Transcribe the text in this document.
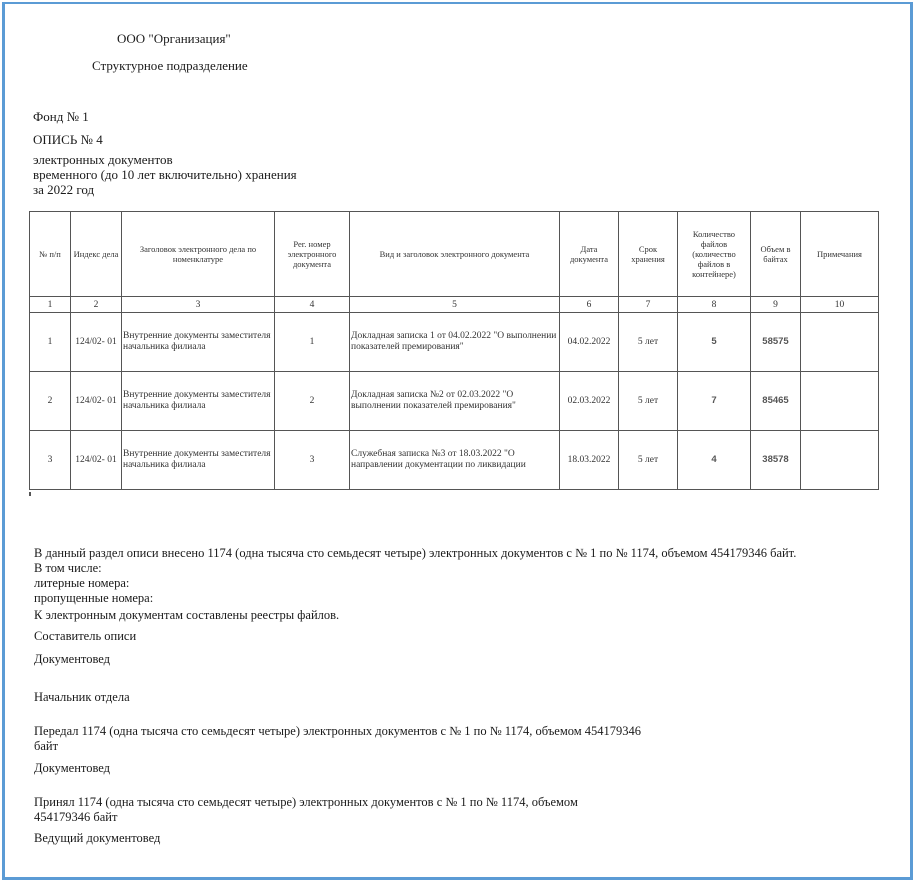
ООО "Организация"
Структурное подразделение
Фонд № 1
ОПИСЬ № 4
электронных документов
временного (до 10 лет включительно) хранения
за 2022 год
№ п/п	Индекс дела	Заголовок электронного дела по номенклатуре	Рег. номер электронного документа	Вид и заголовок электронного документа	Дата документа	Срок хранения	Количество файлов (количество файлов в контейнере)	Объем в байтах	Примечания
1	2	3	4	5	6	7	8	9	10
1	124/02- 01	Внутренние документы заместителя начальника филиала	1	Докладная записка 1 от 04.02.2022 "О выполнении показателей премирования"	04.02.2022	5 лет	5	58575	
2	124/02- 01	Внутренние документы заместителя начальника филиала	2	Докладная записка №2 от 02.03.2022 "О выполнении показателей премирования"	02.03.2022	5 лет	7	85465	
3	124/02- 01	Внутренние документы заместителя начальника филиала	3	Служебная записка №3 от 18.03.2022 "О направлении документации по ликвидации	18.03.2022	5 лет	4	38578	
В данный раздел описи внесено 1174 (одна тысяча сто семьдесят четыре) электронных документов с № 1 по № 1174, объемом 454179346 байт.
В том числе:
литерные номера:
пропущенные номера:
К электронным документам составлены реестры файлов.
Составитель описи
Документовед
Начальник отдела
Передал 1174 (одна тысяча сто семьдесят четыре) электронных документов с № 1 по № 1174, объемом 454179346
байт
Документовед
Принял 1174 (одна тысяча сто семьдесят четыре) электронных документов с № 1 по № 1174, объемом
454179346 байт
Ведущий документовед
